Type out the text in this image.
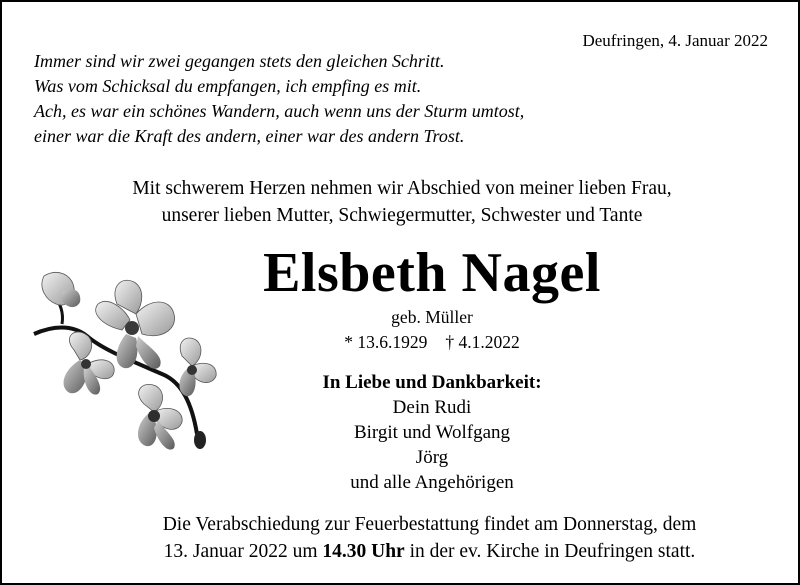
Deufringen, 4. Januar 2022
Immer sind wir zwei gegangen stets den gleichen Schritt.
Was vom Schicksal du empfangen, ich empfing es mit.
Ach, es war ein schönes Wandern, auch wenn uns der Sturm umtost,
einer war die Kraft des andern, einer war des andern Trost.
Mit schwerem Herzen nehmen wir Abschied von meiner lieben Frau,
unserer lieben Mutter, Schwiegermutter, Schwester und Tante
Elsbeth Nagel
geb. Müller
* 13.6.1929 † 4.1.2022
In Liebe und Dankbarkeit:
Dein Rudi
Birgit und Wolfgang
Jörg
und alle Angehörigen
Die Verabschiedung zur Feuerbestattung findet am Donnerstag, dem
13. Januar 2022 um 14.30 Uhr in der ev. Kirche in Deufringen statt.
